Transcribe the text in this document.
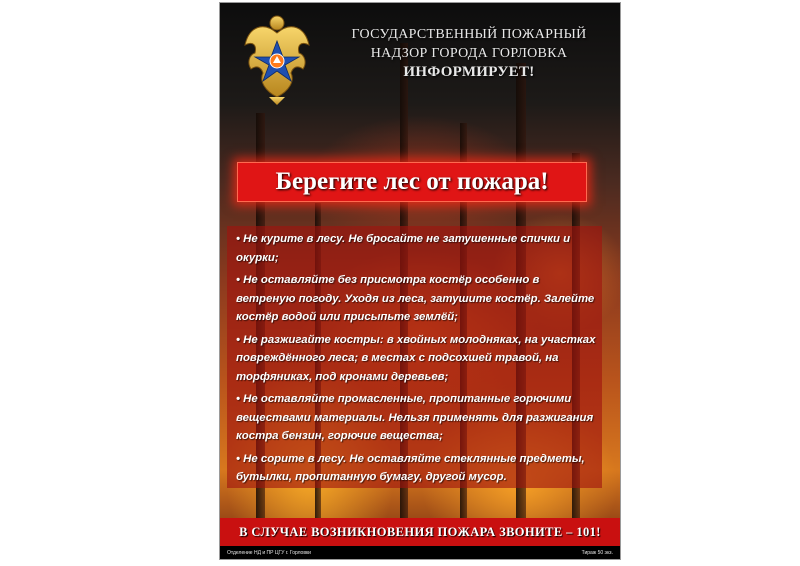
ГОСУДАРСТВЕННЫЙ ПОЖАРНЫЙ
НАДЗОР ГОРОДА ГОРЛОВКА
ИНФОРМИРУЕТ!
Берегите лес от пожара!

• Не курите в лесу. Не бросайте не затушенные спички и окурки;

• Не оставляйте без присмотра костёр особенно в ветреную погоду. Уходя из леса, затушите костёр. Залейте костёр водой или присыпьте землёй;

• Не разжигайте костры: в хвойных молодняках, на участках повреждённого леса; в местах с подсохшей травой, на торфяниках, под кронами деревьев;

• Не оставляйте промасленные, пропитанные горючими веществами материалы. Нельзя применять для разжигания костра бензин, горючие вещества;

• Не сорите в лесу. Не оставляйте стеклянные предметы, бутылки, пропитанную бумагу, другой мусор.

В СЛУЧАЕ ВОЗНИКНОВЕНИЯ ПОЖАРА ЗВОНИТЕ – 101!
Отделение НД и ПР ЦГУ г. Горловки	Тираж 50 экз.
